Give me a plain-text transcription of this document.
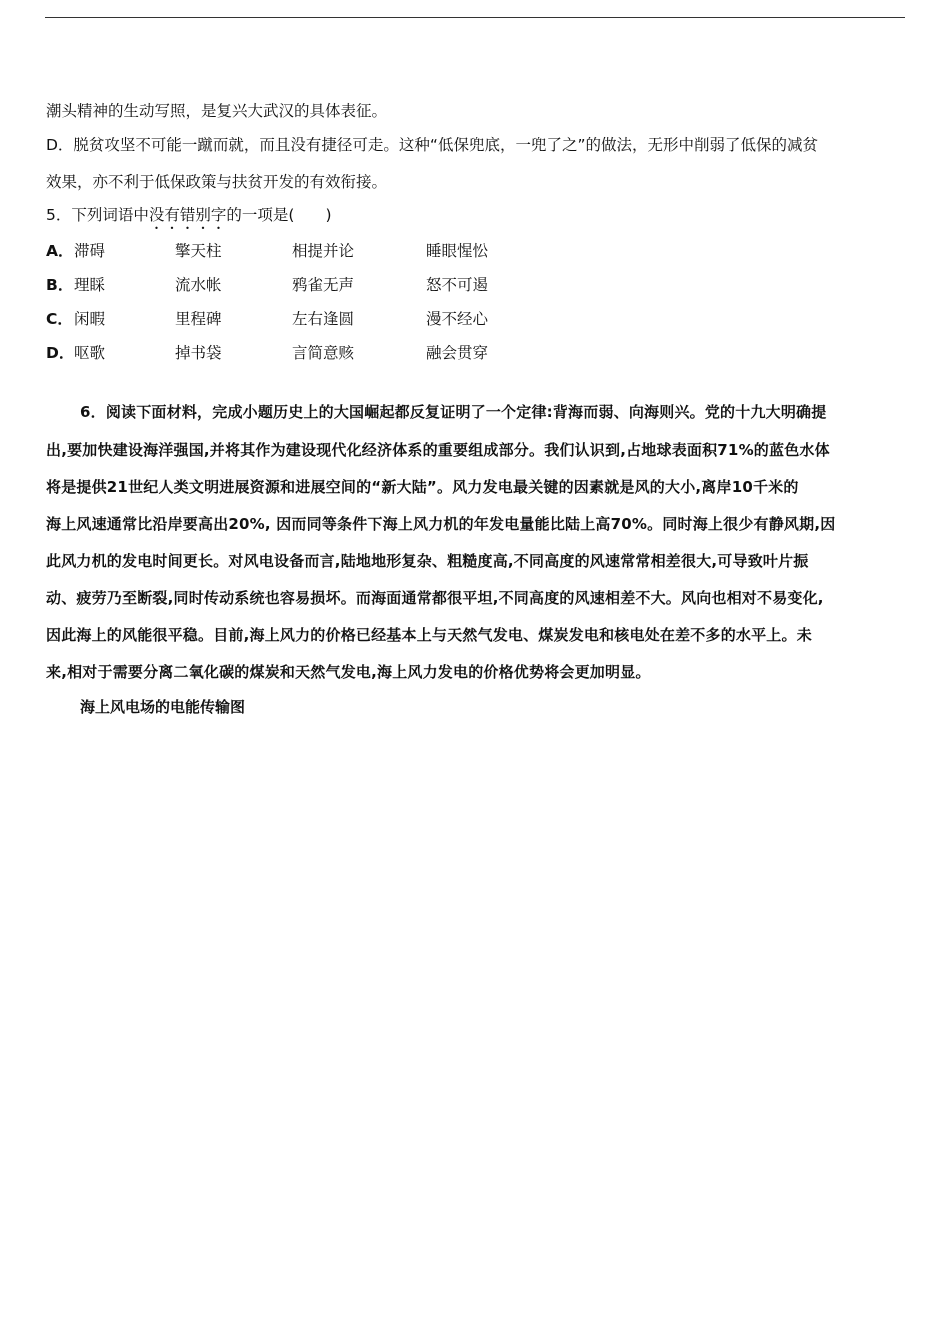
潮头精神的生动写照，是复兴大武汉的具体表征。
D．脱贫攻坚不可能一蹴而就，而且没有捷径可走。这种“低保兜底，一兜了之”的做法，无形中削弱了低保的减贫
效果，亦不利于低保政策与扶贫开发的有效衔接。
5．下列词语中没有错别字的一项是(　　)
A． 滞碍	擎天柱	相提并论	睡眼惺忪
B． 理睬	流水帐	鸦雀无声	怒不可遏
C． 闲暇	里程碑	左右逢圆	漫不经心
D． 呕歌	掉书袋	言简意赅	融会贯穿
6．阅读下面材料，完成小题历史上的大国崛起都反复证明了一个定律:背海而弱、向海则兴。党的十九大明确提
出,要加快建设海洋强国,并将其作为建设现代化经济体系的重要组成部分。我们认识到,占地球表面积71%的蓝色水体
将是提供21世纪人类文明进展资源和进展空间的“新大陆”。风力发电最关键的因素就是风的大小,离岸10千米的
海上风速通常比沿岸要高出20%, 因而同等条件下海上风力机的年发电量能比陆上高70%。同时海上很少有静风期,因
此风力机的发电时间更长。对风电设备而言,陆地地形复杂、粗糙度高,不同高度的风速常常相差很大,可导致叶片振
动、疲劳乃至断裂,同时传动系统也容易损坏。而海面通常都很平坦,不同高度的风速相差不大。风向也相对不易变化,
因此海上的风能很平稳。目前,海上风力的价格已经基本上与天然气发电、煤炭发电和核电处在差不多的水平上。未
来,相对于需要分离二氧化碳的煤炭和天然气发电,海上风力发电的价格优势将会更加明显。
海上风电场的电能传输图
